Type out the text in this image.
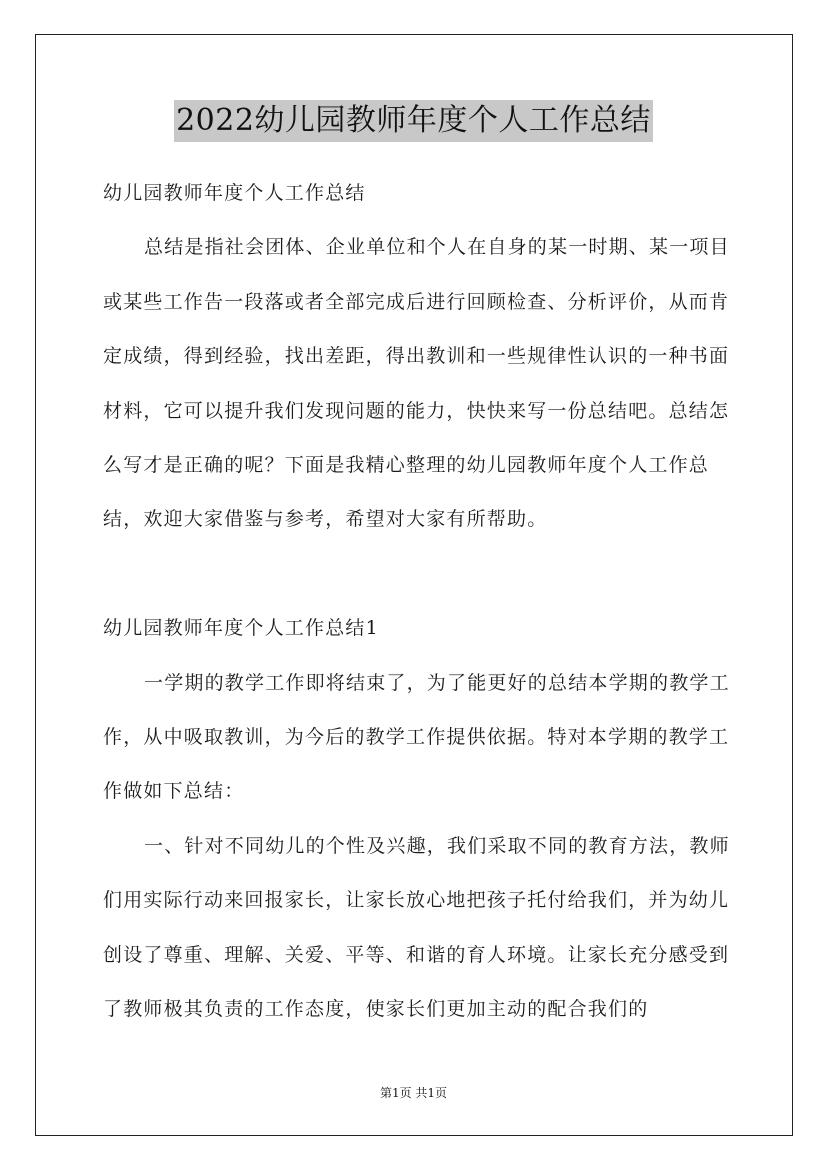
2022幼儿园教师年度个人工作总结

幼儿园教师年度个人工作总结

总结是指社会团体、企业单位和个人在自身的某一时期、某一项目或某些工作告一段落或者全部完成后进行回顾检查、分析评价，从而肯定成绩，得到经验，找出差距，得出教训和一些规律性认识的一种书面材料，它可以提升我们发现问题的能力，快快来写一份总结吧。总结怎么写才是正确的呢？下面是我精心整理的幼儿园教师年度个人工作总结，欢迎大家借鉴与参考，希望对大家有所帮助。

幼儿园教师年度个人工作总结1

一学期的教学工作即将结束了，为了能更好的总结本学期的教学工作，从中吸取教训，为今后的教学工作提供依据。特对本学期的教学工作做如下总结：

一、针对不同幼儿的个性及兴趣，我们采取不同的教育方法，教师们用实际行动来回报家长，让家长放心地把孩子托付给我们，并为幼儿创设了尊重、理解、关爱、平等、和谐的育人环境。让家长充分感受到了教师极其负责的工作态度，使家长们更加主动的配合我们的

第1页 共1页
